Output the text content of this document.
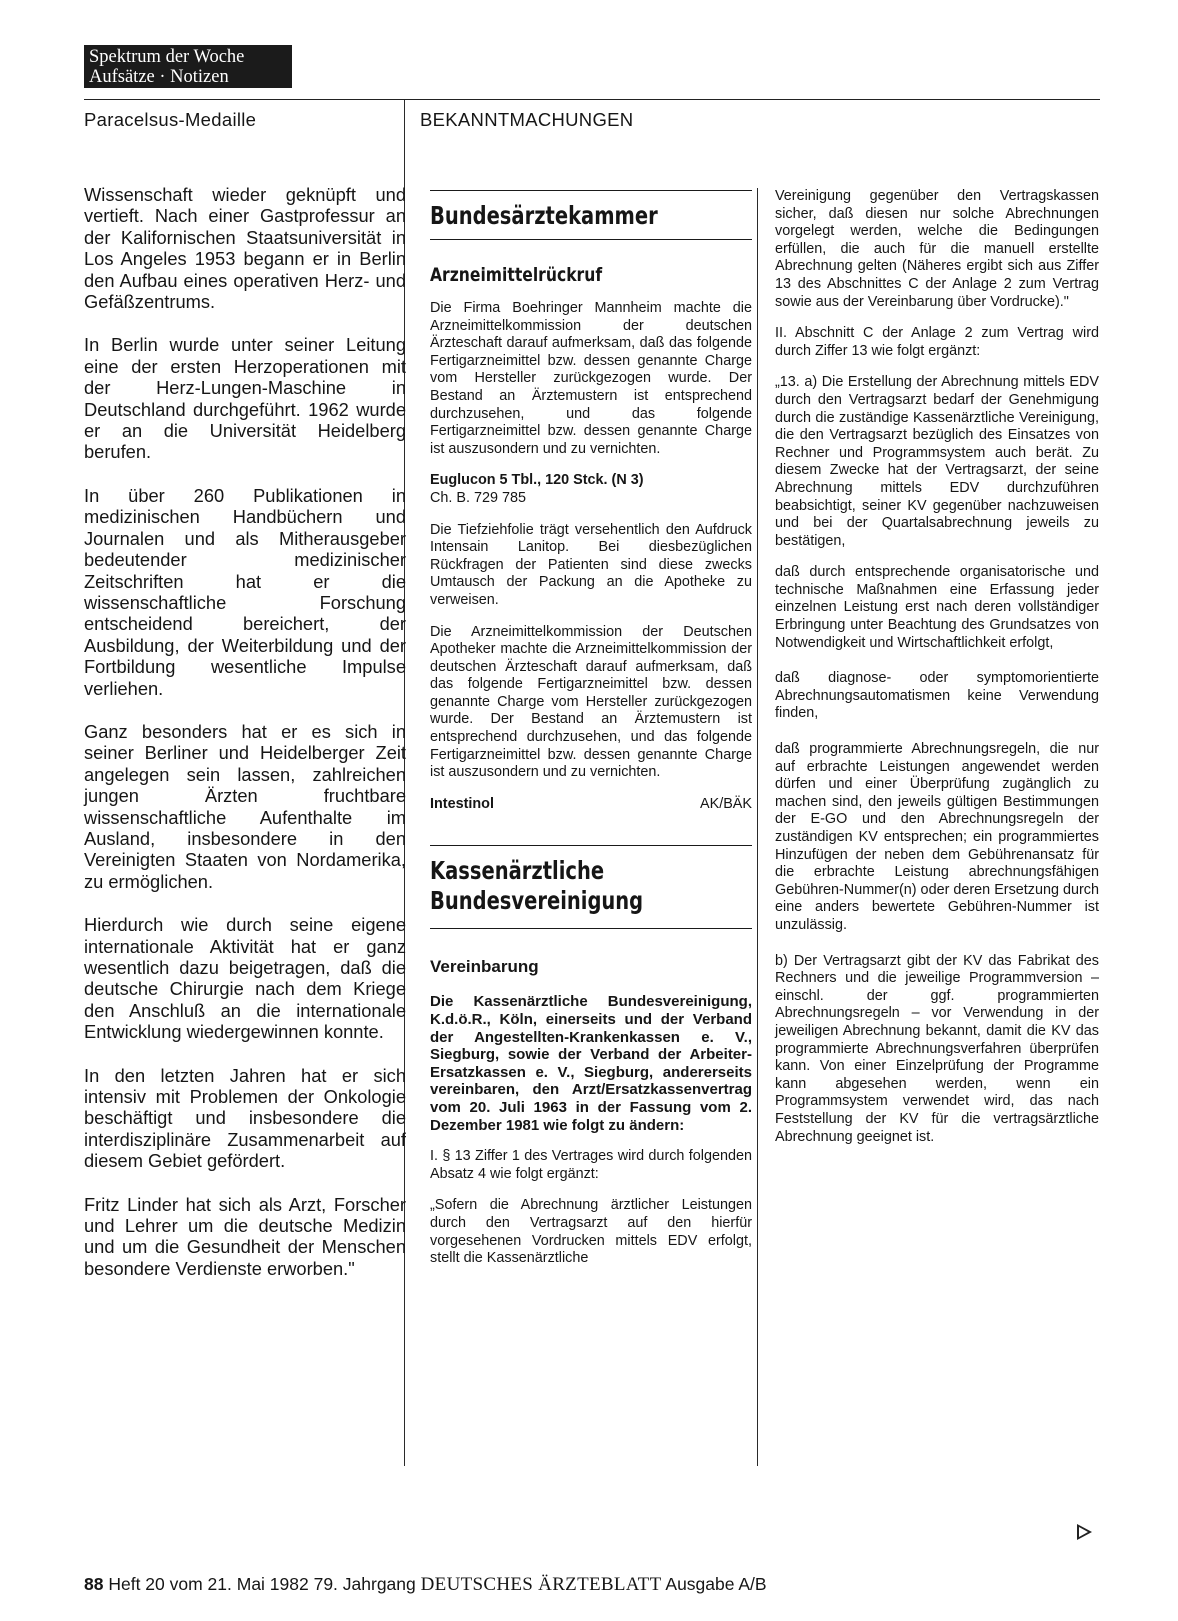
Spektrum der Woche
Aufsätze · Notizen
Paracelsus-Medaille	BEKANNTMACHUNGEN

Wissenschaft wieder geknüpft und vertieft. Nach einer Gastprofessur an der Kalifornischen Staatsuniversität in Los Angeles 1953 begann er in Berlin den Aufbau eines operativen Herz- und Gefäßzentrums.

In Berlin wurde unter seiner Leitung eine der ersten Herzoperationen mit der Herz-Lungen-Maschine in Deutschland durchgeführt. 1962 wurde er an die Universität Heidelberg berufen.

In über 260 Publikationen in medizinischen Handbüchern und Journalen und als Mitherausgeber bedeutender medizinischer Zeitschriften hat er die wissenschaftliche Forschung entscheidend bereichert, der Ausbildung, der Weiterbildung und der Fortbildung wesentliche Impulse verliehen.

Ganz besonders hat er es sich in seiner Berliner und Heidelberger Zeit angelegen sein lassen, zahlreichen jungen Ärzten fruchtbare wissenschaftliche Aufenthalte im Ausland, insbesondere in den Vereinigten Staaten von Nordamerika, zu ermöglichen.

Hierdurch wie durch seine eigene internationale Aktivität hat er ganz wesentlich dazu beigetragen, daß die deutsche Chirurgie nach dem Kriege den Anschluß an die internationale Entwicklung wiedergewinnen konnte.

In den letzten Jahren hat er sich intensiv mit Problemen der Onkologie beschäftigt und insbesondere die interdisziplinäre Zusammenarbeit auf diesem Gebiet gefördert.

Fritz Linder hat sich als Arzt, Forscher und Lehrer um die deutsche Medizin und um die Gesundheit der Menschen besondere Verdienste erworben."

Bundesärztekammer
Arzneimittelrückruf

Die Firma Boehringer Mannheim machte die Arzneimittelkommission der deutschen Ärzteschaft darauf aufmerksam, daß das folgende Fertigarzneimittel bzw. dessen genannte Charge vom Hersteller zurückgezogen wurde. Der Bestand an Ärztemustern ist entsprechend durchzusehen, und das folgende Fertigarzneimittel bzw. dessen genannte Charge ist auszusondern und zu vernichten.

Euglucon 5 Tbl., 120 Stck. (N 3)

Ch. B. 729 785

Die Tiefziehfolie trägt versehentlich den Aufdruck Intensain Lanitop. Bei diesbezüglichen Rückfragen der Patienten sind diese zwecks Umtausch der Packung an die Apotheke zu verweisen.

Die Arzneimittelkommission der Deutschen Apotheker machte die Arzneimittelkommission der deutschen Ärzteschaft darauf aufmerksam, daß das folgende Fertigarzneimittel bzw. dessen genannte Charge vom Hersteller zurückgezogen wurde. Der Bestand an Ärztemustern ist entsprechend durchzusehen, und das folgende Fertigarzneimittel bzw. dessen genannte Charge ist auszusondern und zu vernichten.

Intestinol	AK/BÄK
Kassenärztliche
Bundesvereinigung
Vereinbarung

Die Kassenärztliche Bundesvereinigung, K.d.ö.R., Köln, einerseits und der Verband der Angestellten-Krankenkassen e. V., Siegburg, sowie der Verband der Arbeiter-Ersatzkassen e. V., Siegburg, andererseits vereinbaren, den Arzt/Ersatzkassenvertrag vom 20. Juli 1963 in der Fassung vom 2. Dezember 1981 wie folgt zu ändern:

I. § 13 Ziffer 1 des Vertrages wird durch folgenden Absatz 4 wie folgt ergänzt:

„Sofern die Abrechnung ärztlicher Leistungen durch den Vertragsarzt auf den hierfür vorgesehenen Vordrucken mittels EDV erfolgt, stellt die Kassenärztliche

Vereinigung gegenüber den Vertragskassen sicher, daß diesen nur solche Abrechnungen vorgelegt werden, welche die Bedingungen erfüllen, die auch für die manuell erstellte Abrechnung gelten (Näheres ergibt sich aus Ziffer 13 des Abschnittes C der Anlage 2 zum Vertrag sowie aus der Vereinbarung über Vordrucke)."

II. Abschnitt C der Anlage 2 zum Vertrag wird durch Ziffer 13 wie folgt ergänzt:

„13. a) Die Erstellung der Abrechnung mittels EDV durch den Vertragsarzt bedarf der Genehmigung durch die zuständige Kassenärztliche Vereinigung, die den Vertragsarzt bezüglich des Einsatzes von Rechner und Programmsystem auch berät. Zu diesem Zwecke hat der Vertragsarzt, der seine Abrechnung mittels EDV durchzuführen beabsichtigt, seiner KV gegenüber nachzuweisen und bei der Quartalsabrechnung jeweils zu bestätigen,

daß durch entsprechende organisatorische und technische Maßnahmen eine Erfassung jeder einzelnen Leistung erst nach deren vollständiger Erbringung unter Beachtung des Grundsatzes von Notwendigkeit und Wirtschaftlichkeit erfolgt,

daß diagnose- oder symptomorientierte Abrechnungsautomatismen keine Verwendung finden,

daß programmierte Abrechnungsregeln, die nur auf erbrachte Leistungen angewendet werden dürfen und einer Überprüfung zugänglich zu machen sind, den jeweils gültigen Bestimmungen der E-GO und den Abrechnungsregeln der zuständigen KV entsprechen; ein programmiertes Hinzufügen der neben dem Gebührenansatz für die erbrachte Leistung abrechnungsfähigen Gebühren-Nummer(n) oder deren Ersetzung durch eine anders bewertete Gebühren-Nummer ist unzulässig.

b) Der Vertragsarzt gibt der KV das Fabrikat des Rechners und die jeweilige Programmversion – einschl. der ggf. programmierten Abrechnungsregeln – vor Verwendung in der jeweiligen Abrechnung bekannt, damit die KV das programmierte Abrechnungsverfahren überprüfen kann. Von einer Einzelprüfung der Programme kann abgesehen werden, wenn ein Programmsystem verwendet wird, das nach Feststellung der KV für die vertragsärztliche Abrechnung geeignet ist.

88 Heft 20 vom 21. Mai 1982 79. Jahrgang DEUTSCHES ÄRZTEBLATT Ausgabe A/B
